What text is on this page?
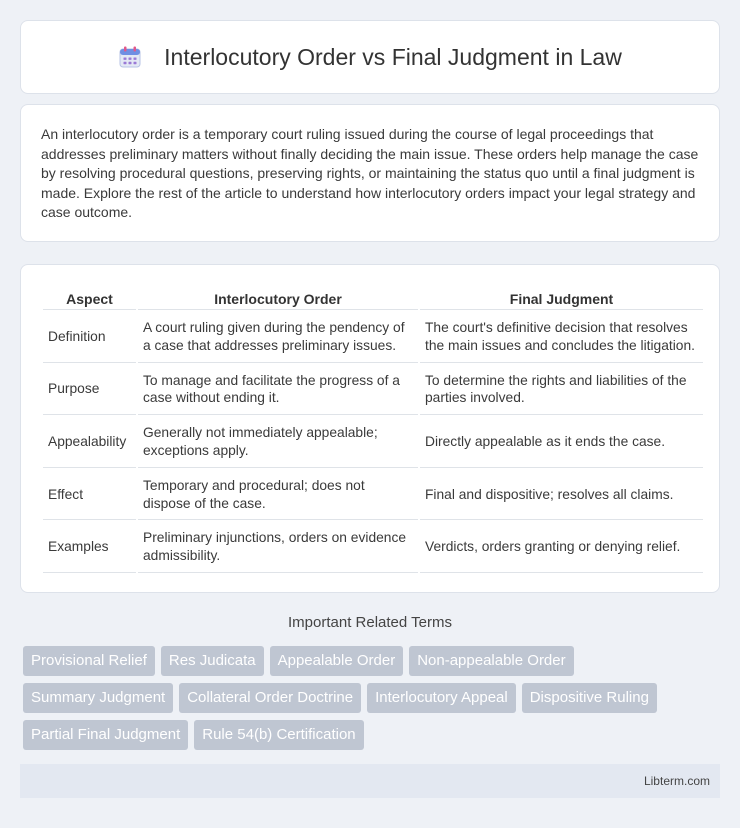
Interlocutory Order vs Final Judgment in Law

An interlocutory order is a temporary court ruling issued during the course of legal proceedings that addresses preliminary matters without finally deciding the main issue. These orders help manage the case by resolving procedural questions, preserving rights, or maintaining the status quo until a final judgment is made. Explore the rest of the article to understand how interlocutory orders impact your legal strategy and case outcome.

Aspect	Interlocutory Order	Final Judgment
Definition	A court ruling given during the pendency of a case that addresses preliminary issues.	The court's definitive decision that resolves the main issues and concludes the litigation.
Purpose	To manage and facilitate the progress of a case without ending it.	To determine the rights and liabilities of the parties involved.
Appealability	Generally not immediately appealable; exceptions apply.	Directly appealable as it ends the case.
Effect	Temporary and procedural; does not dispose of the case.	Final and dispositive; resolves all claims.
Examples	Preliminary injunctions, orders on evidence admissibility.	Verdicts, orders granting or denying relief.
Important Related Terms
Provisional Relief	Res Judicata	Appealable Order	Non-appealable Order
Summary Judgment	Collateral Order Doctrine	Interlocutory Appeal	Dispositive Ruling
Partial Final Judgment	Rule 54(b) Certification
Libterm.com
